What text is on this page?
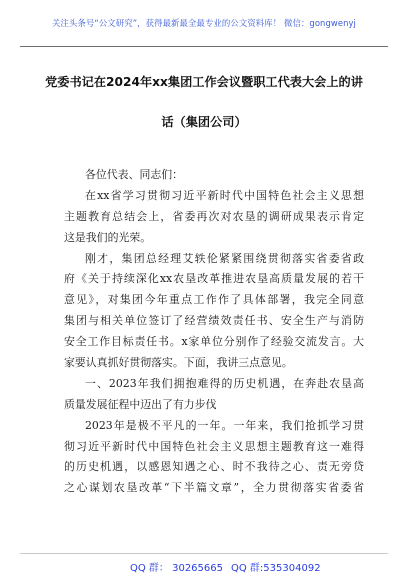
关注头条号“公文研究”，获得最新最全最专业的公文资料库！ 微信：gongwenyj
党委书记在2024年xx集团工作会议暨职工代表大会上的讲
话（集团公司）
各位代表、同志们：
在xx省学习贯彻习近平新时代中国特色社会主义思想
主题教育总结会上，省委再次对农垦的调研成果表示肯定
这是我们的光荣。
刚才，集团总经理艾轶伦紧紧围绕贯彻落实省委省政
府《关于持续深化xx农垦改革推进农垦高质量发展的若干
意见》，对集团今年重点工作作了具体部署，我完全同意
集团与相关单位签订了经营绩效责任书、安全生产与消防
安全工作目标责任书。x家单位分别作了经验交流发言。大
家要认真抓好贯彻落实。下面，我讲三点意见。
一、2023年我们拥抱难得的历史机遇，在奔赴农垦高
质量发展征程中迈出了有力步伐
2023年是极不平凡的一年。一年来，我们抢抓学习贯
彻习近平新时代中国特色社会主义思想主题教育这一难得
的历史机遇，以感恩知遇之心、时不我待之心、责无旁贷
之心谋划农垦改革“下半篇文章”，全力贯彻落实省委省
QQ 群： 30265665 QQ 群:535304092
